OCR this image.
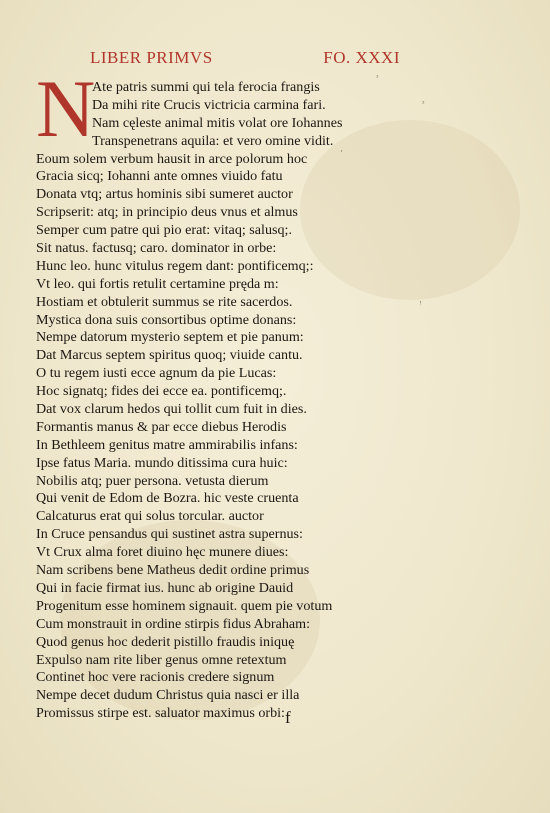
LIBER PRIMVS	FO. XXXI
N
Ate patris summi qui tela ferocia frangis
Da mihi rite Crucis victricia carmina fari.
Nam cęleste animal mitis volat ore Iohannes
Transpenetrans aquila: et vero omine vidit.
Eoum solem verbum hausit in arce polorum hoc
Gracia sicq; Iohanni ante omnes viuido fatu
Donata vtq; artus hominis sibi sumeret auctor
Scripserit: atq; in principio deus vnus et almus
Semper cum patre qui pio erat: vitaq; salusq;.
Sit natus. factusq; caro. dominator in orbe:
Hunc leo. hunc vitulus regem dant: pontificemq;:
Vt leo. qui fortis retulit certamine pręda m:
Hostiam et obtulerit summus se rite sacerdos.
Mystica dona suis consortibus optime donans:
Nempe datorum mysterio septem et pie panum:
Dat Marcus septem spiritus quoq; viuide cantu.
O tu regem iusti ecce agnum da pie Lucas:
Hoc signatq; fides dei ecce ea. pontificemq;.
Dat vox clarum hedos qui tollit cum fuit in dies.
Formantis manus & par ecce diebus Herodis
In Bethleem genitus matre ammirabilis infans:
Ipse fatus Maria. mundo ditissima cura huic:
Nobilis atq; puer persona. vetusta dierum
Qui venit de Edom de Bozra. hic veste cruenta
Calcaturus erat qui solus torcular. auctor
In Cruce pensandus qui sustinet astra supernus:
Vt Crux alma foret diuino hęc munere diues:
Nam scribens bene Matheus dedit ordine primus
Qui in facie firmat ius. hunc ab origine Dauid
Progenitum esse hominem signauit. quem pie votum
Cum monstrauit in ordine stirpis fidus Abraham:
Quod genus hoc dederit pistillo fraudis iniquę
Expulso nam rite liber genus omne retextum
Continet hoc vere racionis credere signum
Nempe decet dudum Christus quia nasci er illa
Promissus stirpe est. saluator maximus orbi: f
ᵓ
ᵓ
·
ᵎ
